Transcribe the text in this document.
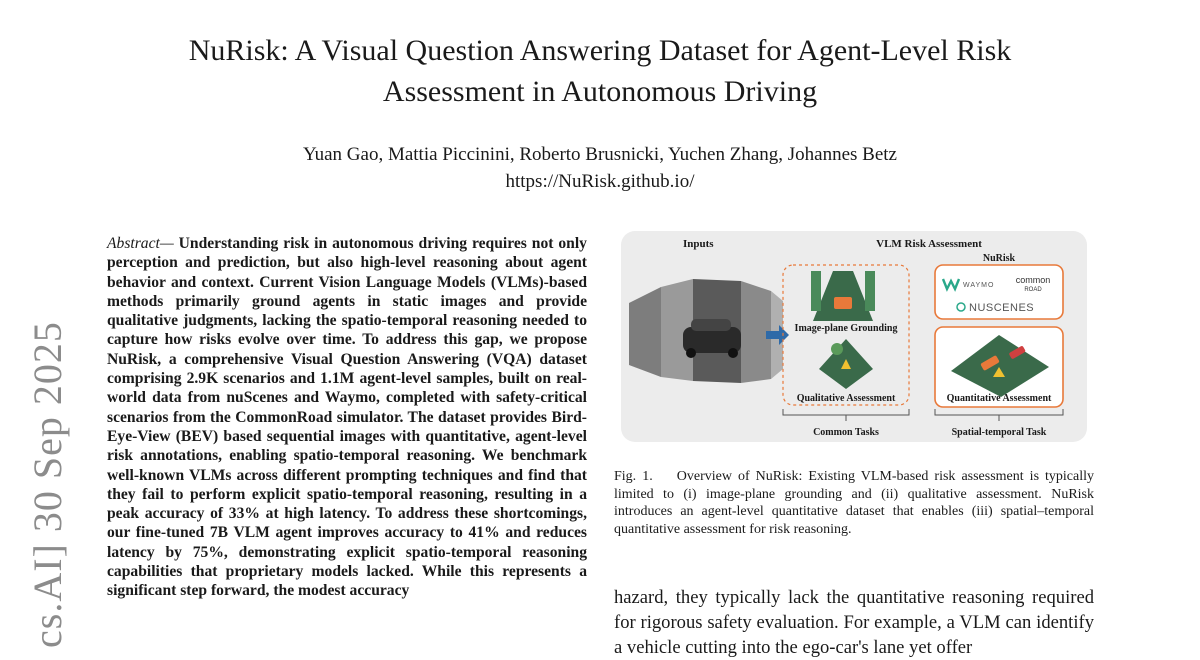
NuRisk: A Visual Question Answering Dataset for Agent-Level Risk
Assessment in Autonomous Driving
Yuan Gao, Mattia Piccinini, Roberto Brusnicki, Yuchen Zhang, Johannes Betz
https://NuRisk.github.io/
cs.AI] 30 Sep 2025

Abstract— Understanding risk in autonomous driving requires not only perception and prediction, but also high-level reasoning about agent behavior and context. Current Vision Language Models (VLMs)-based methods primarily ground agents in static images and provide qualitative judgments, lacking the spatio-temporal reasoning needed to capture how risks evolve over time. To address this gap, we propose NuRisk, a comprehensive Visual Question Answering (VQA) dataset comprising 2.9K scenarios and 1.1M agent-level samples, built on real-world data from nuScenes and Waymo, completed with safety-critical scenarios from the CommonRoad simulator. The dataset provides Bird-Eye-View (BEV) based sequential images with quantitative, agent-level risk annotations, enabling spatio-temporal reasoning. We benchmark well-known VLMs across different prompting techniques and find that they fail to perform explicit spatio-temporal reasoning, resulting in a peak accuracy of 33% at high latency. To address these shortcomings, our fine-tuned 7B VLM agent improves accuracy to 41% and reduces latency by 75%, demonstrating explicit spatio-temporal reasoning capabilities that proprietary models lacked. While this represents a significant step forward, the modest accuracy

Inputs	VLM Risk Assessment
Image-plane Grounding
Qualitative Assessment
Common Tasks
NuRisk
WAYMO
common
ROAD
NUSCENES
Quantitative Assessment
Spatial-temporal Task

Fig. 1. Overview of NuRisk: Existing VLM-based risk assessment is typically limited to (i) image-plane grounding and (ii) qualitative assessment. NuRisk introduces an agent-level quantitative dataset that enables (iii) spatial–temporal quantitative assessment for risk reasoning.

hazard, they typically lack the quantitative reasoning required for rigorous safety evaluation. For example, a VLM can identify a vehicle cutting into the ego-car's lane yet offer
